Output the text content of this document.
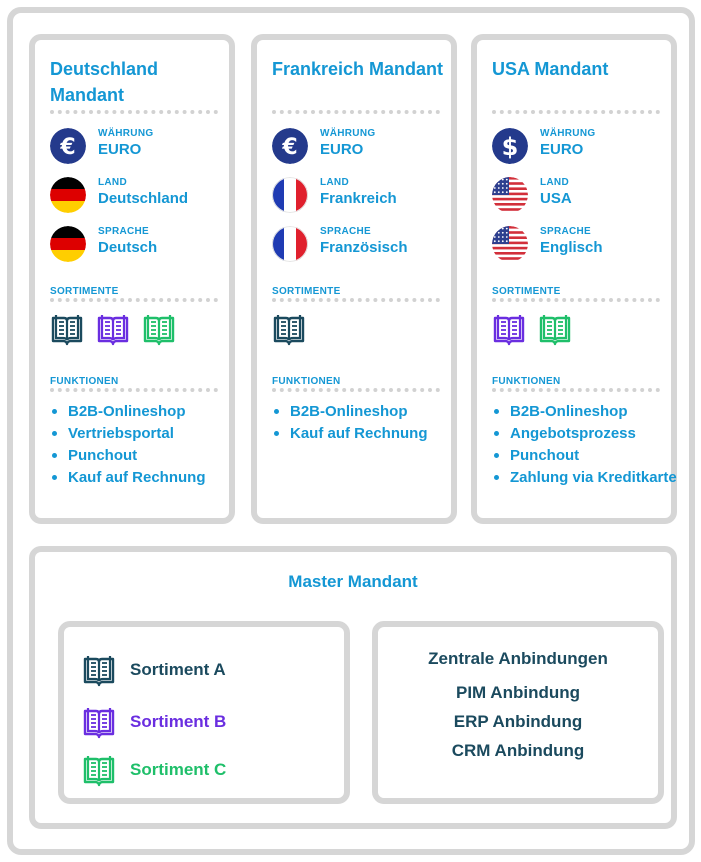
Deutschland Mandant
€
WÄHRUNG
EURO
LAND
Deutschland
SPRACHE
Deutsch
SORTIMENTE
FUNKTIONEN
B2B-Onlineshop
Vertriebsportal
Punchout
Kauf auf Rechnung
Frankreich Mandant
€
WÄHRUNG
EURO
LAND
Frankreich
SPRACHE
Französisch
SORTIMENTE
FUNKTIONEN
B2B-Onlineshop
Kauf auf Rechnung
USA Mandant
$ WÄHRUNG
EURO
LAND
USA
SPRACHE
Englisch
SORTIMENTE
FUNKTIONEN
B2B-Onlineshop
Angebotsprozess
Punchout
Zahlung via Kreditkarte
Master Mandant
Sortiment A
Sortiment B
Sortiment C
Zentrale Anbindungen
PIM Anbindung
ERP Anbindung
CRM Anbindung
